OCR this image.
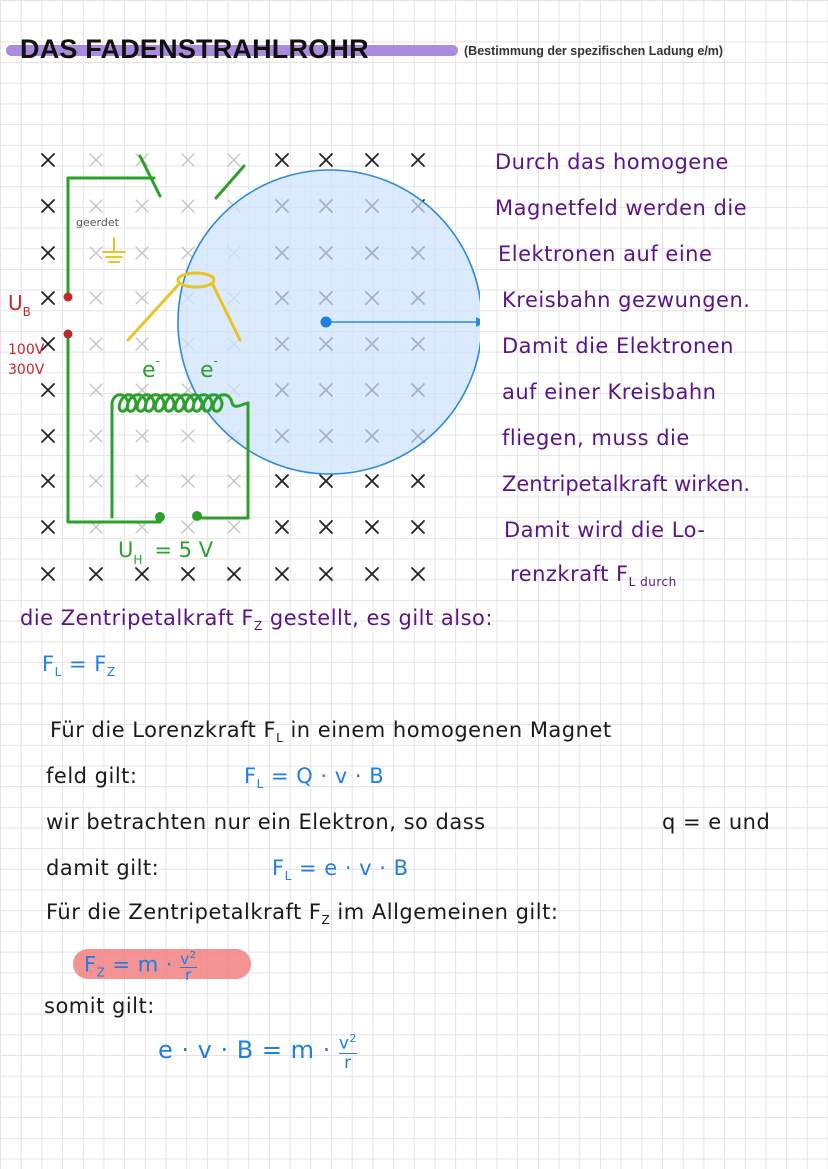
DAS FADENSTRAHLROHR	(Bestimmung der spezifischen Ladung e/m)
geerdet
$U_B$
100V
300V	e- e-
$U_H = 5$ V
Durch das homogene
Magnetfeld werden die
Elektronen auf eine
Kreisbahn gezwungen.
Damit die Elektronen
auf einer Kreisbahn
fliegen, muss die
Zentripetalkraft wirken.
Damit wird die Lo-
renzkraft $F_{L durch}$
die Zentripetalkraft $F_Z$ gestellt, es gilt also:
$F_L = F_Z$
Für die Lorenzkraft $F_L$ in einem homogenen Magnet
feld gilt:	$F_L = Q \cdot v \cdot B$
wir betrachten nur ein Elektron, so dass	q = e und
damit gilt:	$F_L = e \cdot v \cdot B$
Für die Zentripetalkraft $F_Z$ im Allgemeinen gilt:
$F_Z = m \cdot \frac{v^2}{r}$
somit gilt:
$e \cdot v \cdot B = m \cdot \frac{v^2}{r}$
